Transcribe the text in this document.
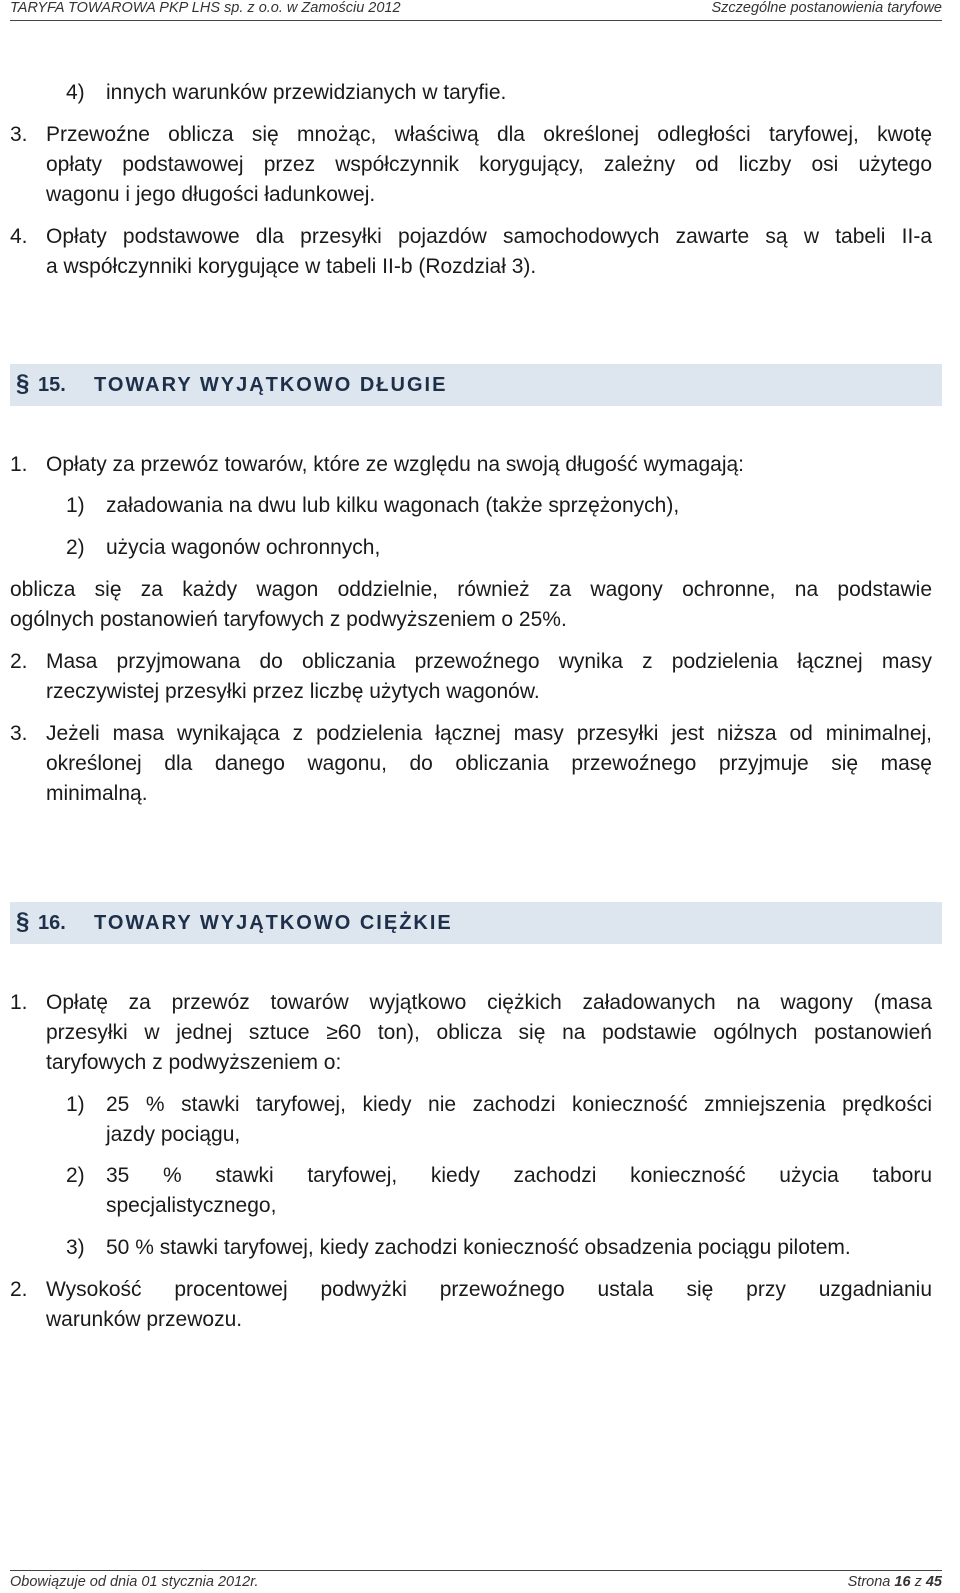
TARYFA TOWAROWA PKP LHS sp. z o.o. w Zamościu 2012	Szczególne postanowienia taryfowe
4) innych warunków przewidzianych w taryfie.
3. Przewoźne oblicza się mnożąc, właściwą dla określonej odległości taryfowej, kwotę
opłaty podstawowej przez współczynnik korygujący, zależny od liczby osi użytego
wagonu i jego długości ładunkowej.
4. Opłaty podstawowe dla przesyłki pojazdów samochodowych zawarte są w tabeli II-a
a współczynniki korygujące w tabeli II-b (Rozdział 3).
§ 15. TOWARY WYJĄTKOWO DŁUGIE
1. Opłaty za przewóz towarów, które ze względu na swoją długość wymagają:
1) załadowania na dwu lub kilku wagonach (także sprzężonych),
2) użycia wagonów ochronnych,
oblicza się za każdy wagon oddzielnie, również za wagony ochronne, na podstawie
ogólnych postanowień taryfowych z podwyższeniem o 25%.
2. Masa przyjmowana do obliczania przewoźnego wynika z podzielenia łącznej masy
rzeczywistej przesyłki przez liczbę użytych wagonów.
3. Jeżeli masa wynikająca z podzielenia łącznej masy przesyłki jest niższa od minimalnej,
określonej dla danego wagonu, do obliczania przewoźnego przyjmuje się masę
minimalną.
§ 16. TOWARY WYJĄTKOWO CIĘŻKIE
1. Opłatę za przewóz towarów wyjątkowo ciężkich załadowanych na wagony (masa
przesyłki w jednej sztuce ≥60 ton), oblicza się na podstawie ogólnych postanowień
taryfowych z podwyższeniem o:
1) 25 % stawki taryfowej, kiedy nie zachodzi konieczność zmniejszenia prędkości
jazdy pociągu,
2) 35 % stawki taryfowej, kiedy zachodzi konieczność użycia taboru
specjalistycznego,
3) 50 % stawki taryfowej, kiedy zachodzi konieczność obsadzenia pociągu pilotem.
2. Wysokość procentowej podwyżki przewoźnego ustala się przy uzgadnianiu
warunków przewozu.
Obowiązuje od dnia 01 stycznia 2012r.	Strona 16 z 45
